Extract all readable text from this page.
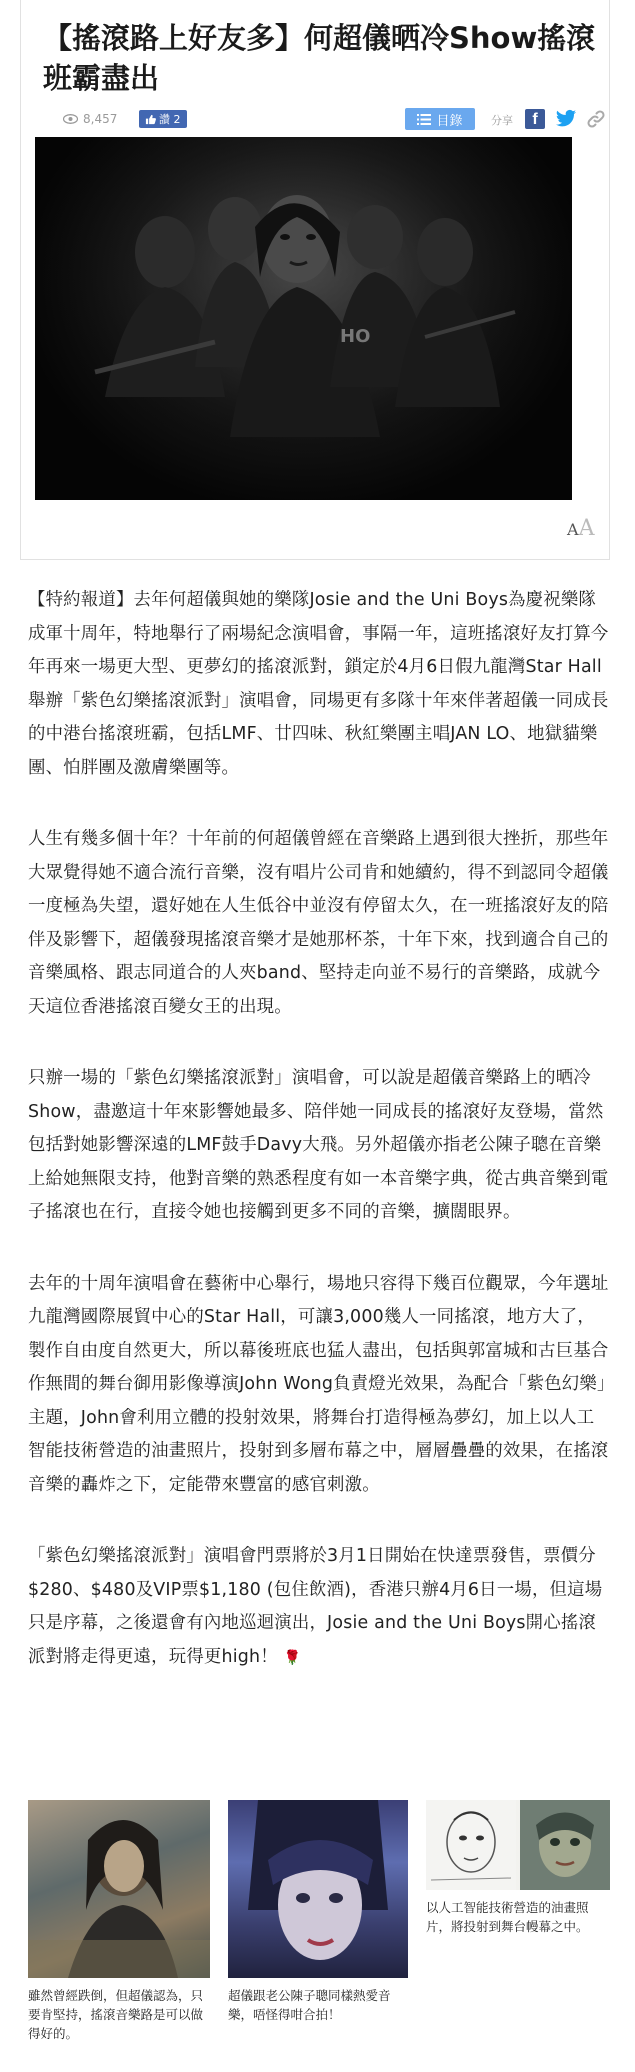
【搖滾路上好友多】何超儀晒冷Show搖滾班霸盡出
8,457	讚 2	目錄	分享	f
AA
HO

【特約報道】去年何超儀與她的樂隊Josie and the Uni Boys為慶祝樂隊成軍十周年，特地舉行了兩場紀念演唱會，事隔一年，這班搖滾好友打算今年再來一場更大型、更夢幻的搖滾派對，鎖定於4月6日假九龍灣Star Hall舉辦「紫色幻樂搖滾派對」演唱會，同場更有多隊十年來伴著超儀一同成長的中港台搖滾班霸，包括LMF、廿四味、秋紅樂團主唱JAN LO、地獄貓樂團、怕胖團及激膚樂團等。

人生有幾多個十年？十年前的何超儀曾經在音樂路上遇到很大挫折，那些年大眾覺得她不適合流行音樂，沒有唱片公司肯和她續約，得不到認同令超儀一度極為失望，還好她在人生低谷中並沒有停留太久，在一班搖滾好友的陪伴及影響下，超儀發現搖滾音樂才是她那杯茶，十年下來，找到適合自己的音樂風格、跟志同道合的人夾band、堅持走向並不易行的音樂路，成就今天這位香港搖滾百變女王的出現。

只辦一場的「紫色幻樂搖滾派對」演唱會，可以說是超儀音樂路上的晒冷Show，盡邀這十年來影響她最多、陪伴她一同成長的搖滾好友登場，當然包括對她影響深遠的LMF鼓手Davy大飛。另外超儀亦指老公陳子聰在音樂上給她無限支持，他對音樂的熟悉程度有如一本音樂字典，從古典音樂到電子搖滾也在行，直接令她也接觸到更多不同的音樂，擴闊眼界。

去年的十周年演唱會在藝術中心舉行，場地只容得下幾百位觀眾，今年選址九龍灣國際展貿中心的Star Hall，可讓3,000幾人一同搖滾，地方大了，製作自由度自然更大，所以幕後班底也猛人盡出，包括與郭富城和古巨基合作無間的舞台御用影像導演John Wong負責燈光效果，為配合「紫色幻樂」主題，John會利用立體的投射效果，將舞台打造得極為夢幻，加上以人工智能技術營造的油畫照片，投射到多層布幕之中，層層疊疊的效果，在搖滾音樂的轟炸之下，定能帶來豐富的感官刺激。

「紫色幻樂搖滾派對」演唱會門票將於3月1日開始在快達票發售，票價分$280、$480及VIP票$1,180 (包住飲酒)，香港只辦4月6日一場，但這場只是序幕，之後還會有內地巡迴演出，Josie and the Uni Boys開心搖滾派對將走得更遠，玩得更high！ 🌹

雖然曾經跌倒，但超儀認為，只要肯堅持，搖滾音樂路是可以做得好的。
超儀跟老公陳子聰同樣熱愛音樂，唔怪得咁合拍！
以人工智能技術營造的油畫照片，將投射到舞台幔幕之中。
